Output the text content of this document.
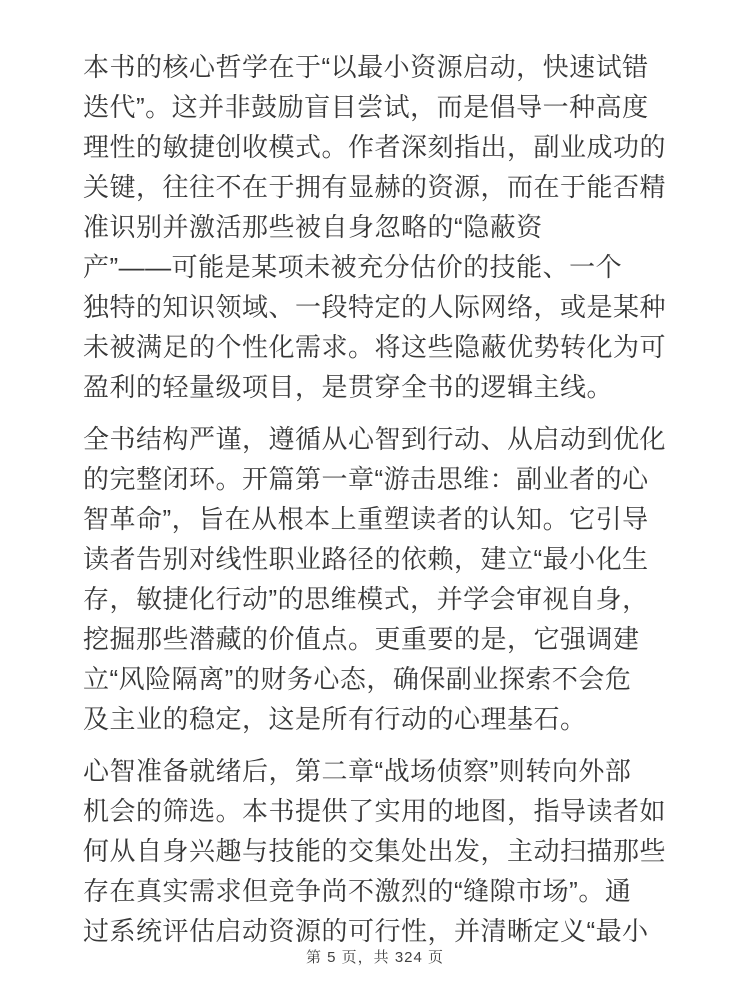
本书的核心哲学在于“以最小资源启动，快速试错
迭代”。这并非鼓励盲目尝试，而是倡导一种高度
理性的敏捷创收模式。作者深刻指出，副业成功的
关键，往往不在于拥有显赫的资源，而在于能否精
准识别并激活那些被自身忽略的“隐蔽资
产”——可能是某项未被充分估价的技能、一个
独特的知识领域、一段特定的人际网络，或是某种
未被满足的个性化需求。将这些隐蔽优势转化为可
盈利的轻量级项目，是贯穿全书的逻辑主线。

全书结构严谨，遵循从心智到行动、从启动到优化
的完整闭环。开篇第一章“游击思维：副业者的心
智革命”，旨在从根本上重塑读者的认知。它引导
读者告别对线性职业路径的依赖，建立“最小化生
存，敏捷化行动”的思维模式，并学会审视自身，
挖掘那些潜藏的价值点。更重要的是，它强调建
立“风险隔离”的财务心态，确保副业探索不会危
及主业的稳定，这是所有行动的心理基石。

心智准备就绪后，第二章“战场侦察”则转向外部
机会的筛选。本书提供了实用的地图，指导读者如
何从自身兴趣与技能的交集处出发，主动扫描那些
存在真实需求但竞争尚不激烈的“缝隙市场”。通
过系统评估启动资源的可行性，并清晰定义“最小

第 5 页，共 324 页
